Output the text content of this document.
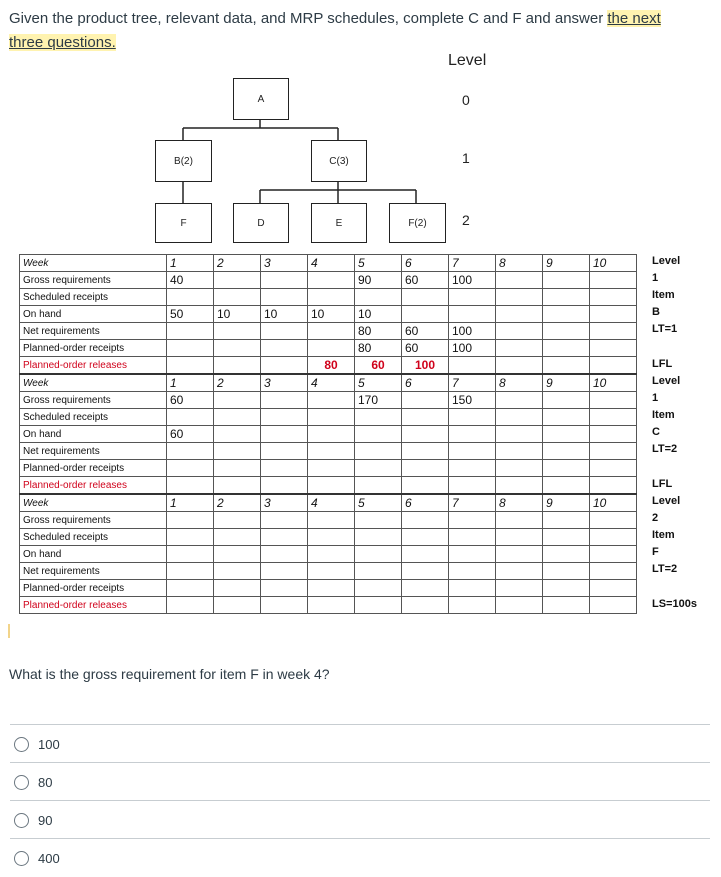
Given the product tree, relevant data, and MRP schedules, complete C and F and answer the next
three questions.
Level
0
1
2
A
B(2)	C(3)
F	D	E	F(2)
Week	1	2	3	4	5	6	7	8	9	10
Gross requirements	40				90	60	100			
Scheduled receipts										
On hand	50	10	10	10	10					
Net requirements					80	60	100			
Planned-order receipts					80	60	100			
Planned-order releases				80	60	100				
Week	1	2	3	4	5	6	7	8	9	10
Gross requirements	60				170		150			
Scheduled receipts										
On hand	60									
Net requirements										
Planned-order receipts										
Planned-order releases										
Week	1	2	3	4	5	6	7	8	9	10
Gross requirements										
Scheduled receipts										
On hand										
Net requirements										
Planned-order receipts										
Planned-order releases										
Level
1
Item
B
LT=1
LFL
Level
1
Item
C
LT=2
LFL
Level
2
Item
F
LT=2
LS=100s
What is the gross requirement for item F in week 4?
100
80
90
400
